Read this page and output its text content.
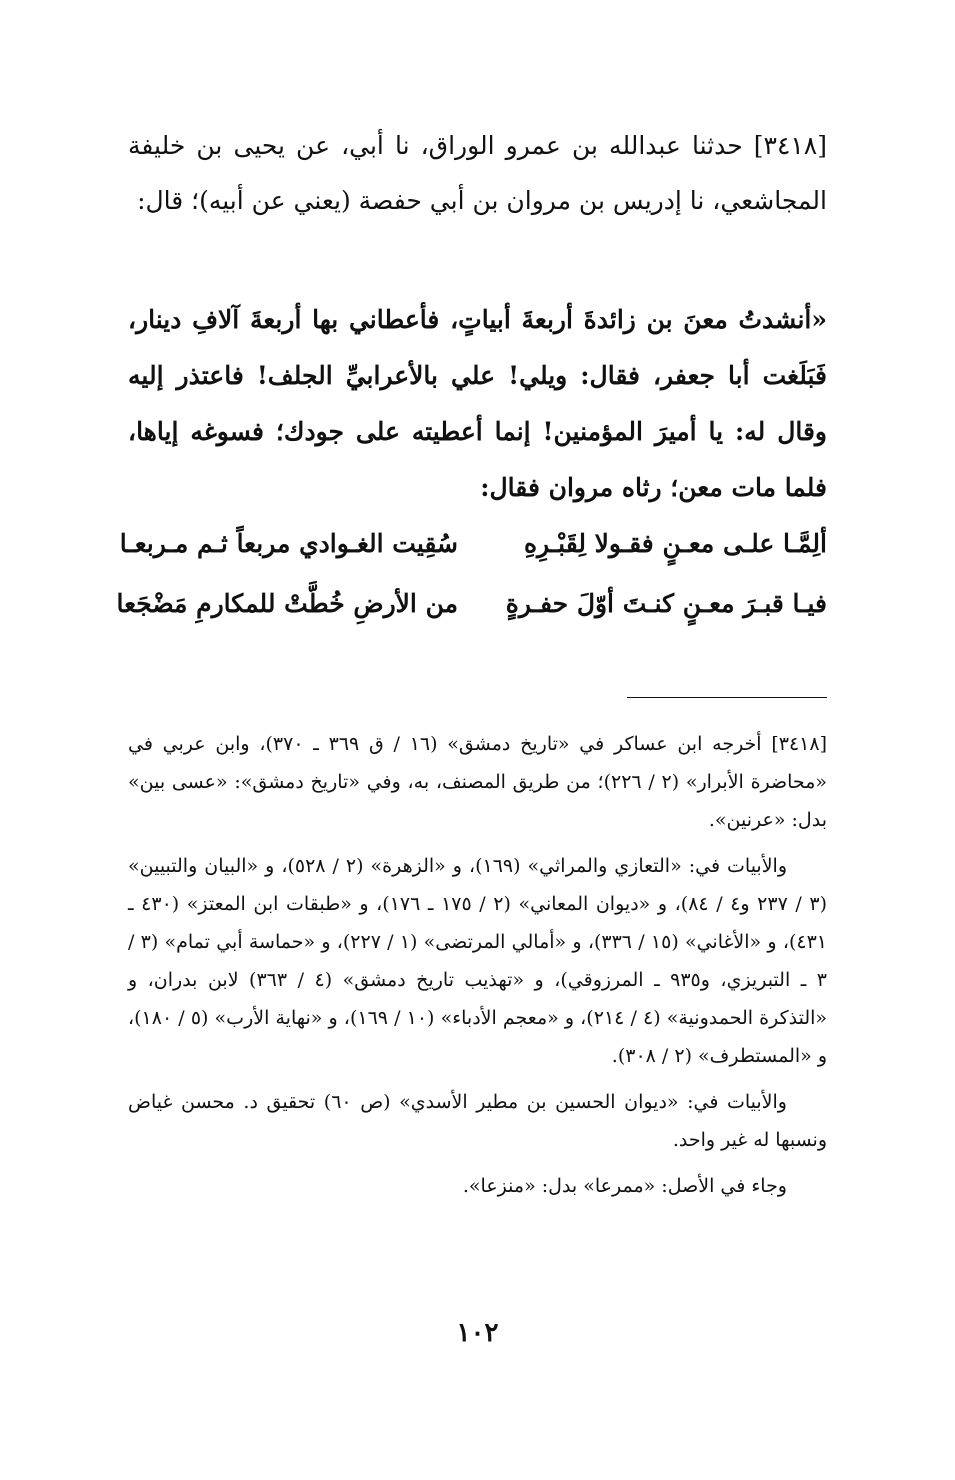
[٣٤١٨] حدثنا عبدالله بن عمرو الوراق، نا أبي، عن يحيى بن خليفة المجاشعي، نا إدريس بن مروان بن أبي حفصة (يعني عن أبيه)؛ قال:

«أنشدتُ معنَ بن زائدةَ أربعةَ أبياتٍ، فأعطاني بها أربعةَ آلافِ دينار، فَبَلَغت أبا جعفر، فقال: ويلي! علي بالأعرابيِّ الجلف! فاعتذر إليه وقال له: يا أميرَ المؤمنين! إنما أعطيته على جودك؛ فسوغه إياها، فلما مات معن؛ رثاه مروان فقال:

ألِمَّـا علـى معـنٍ فقـولا لِقَبْـرِهِ
سُقِيت الغـوادي مربعاً ثـم مـربعـا
فيـا قبـرَ معـنٍ كنـتَ أوّلَ حفـرةٍ
من الأرضِ خُطَّتْ للمكارمِ مَضْجَعا

[٣٤١٨] أخرجه ابن عساكر في «تاريخ دمشق» (١٦ / ق ٣٦٩ ـ ٣٧٠)، وابن عربي في «محاضرة الأبرار» (٢ / ٢٢٦)؛ من طريق المصنف، به، وفي «تاريخ دمشق»: «عسى بين» بدل: «عرنين».

والأبيات في: «التعازي والمراثي» (١٦٩)، و «الزهرة» (٢ / ٥٢٨)، و «البيان والتبيين» (٣ / ٢٣٧ و٤ / ٨٤)، و «ديوان المعاني» (٢ / ١٧٥ ـ ١٧٦)، و «طبقات ابن المعتز» (٤٣٠ ـ ٤٣١)، و «الأغاني» (١٥ / ٣٣٦)، و «أمالي المرتضى» (١ / ٢٢٧)، و «حماسة أبي تمام» (٣ / ٣ ـ التبريزي، و٩٣٥ ـ المرزوقي)، و «تهذيب تاريخ دمشق» (٤ / ٣٦٣) لابن بدران، و «التذكرة الحمدونية» (٤ / ٢١٤)، و «معجم الأدباء» (١٠ / ١٦٩)، و «نهاية الأرب» (٥ / ١٨٠)، و «المستطرف» (٢ / ٣٠٨).

والأبيات في: «ديوان الحسين بن مطير الأسدي» (ص ٦٠) تحقيق د. محسن غياض ونسبها له غير واحد.

وجاء في الأصل: «ممرعا» بدل: «منزعا».

١٠٢
